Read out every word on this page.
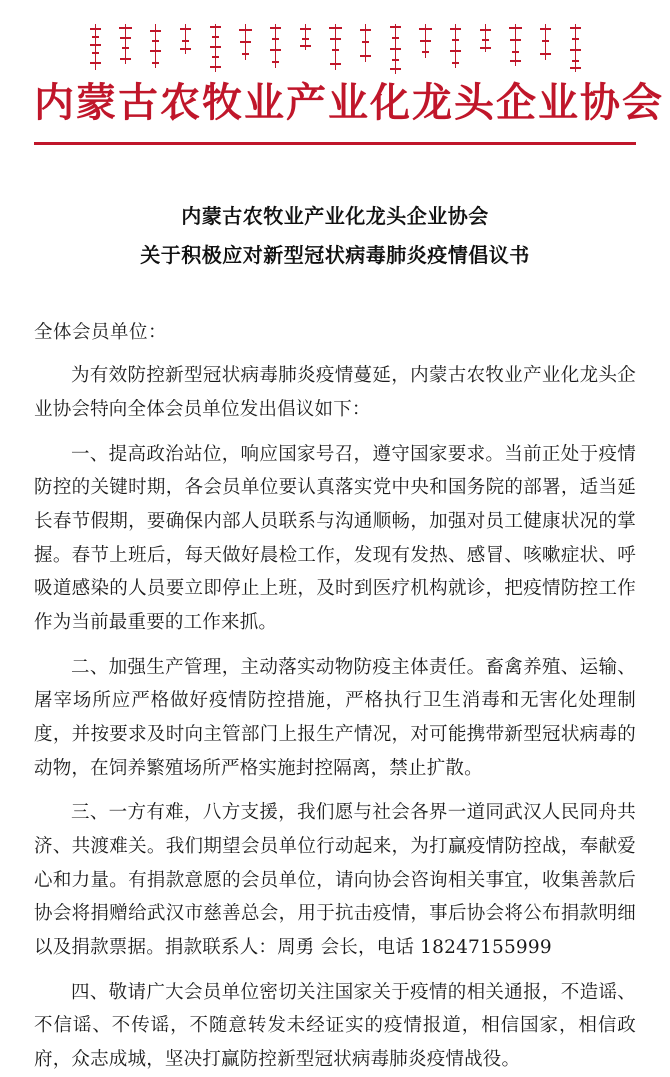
内蒙古农牧业产业化龙头企业协会
内蒙古农牧业产业化龙头企业协会
关于积极应对新型冠状病毒肺炎疫情倡议书
全体会员单位：

为有效防控新型冠状病毒肺炎疫情蔓延，内蒙古农牧业产业化龙头企业协会特向全体会员单位发出倡议如下：

一、提高政治站位，响应国家号召，遵守国家要求。当前正处于疫情防控的关键时期，各会员单位要认真落实党中央和国务院的部署，适当延长春节假期，要确保内部人员联系与沟通顺畅，加强对员工健康状况的掌握。春节上班后，每天做好晨检工作，发现有发热、感冒、咳嗽症状、呼吸道感染的人员要立即停止上班，及时到医疗机构就诊，把疫情防控工作作为当前最重要的工作来抓。

二、加强生产管理，主动落实动物防疫主体责任。畜禽养殖、运输、屠宰场所应严格做好疫情防控措施，严格执行卫生消毒和无害化处理制度，并按要求及时向主管部门上报生产情况，对可能携带新型冠状病毒的动物，在饲养繁殖场所严格实施封控隔离，禁止扩散。

三、一方有难，八方支援，我们愿与社会各界一道同武汉人民同舟共济、共渡难关。我们期望会员单位行动起来，为打赢疫情防控战，奉献爱心和力量。有捐款意愿的会员单位，请向协会咨询相关事宜，收集善款后协会将捐赠给武汉市慈善总会，用于抗击疫情，事后协会将公布捐款明细以及捐款票据。捐款联系人：周勇 会长，电话 18247155999

四、敬请广大会员单位密切关注国家关于疫情的相关通报，不造谣、不信谣、不传谣，不随意转发未经证实的疫情报道，相信国家，相信政府，众志成城，坚决打赢防控新型冠状病毒肺炎疫情战役。
